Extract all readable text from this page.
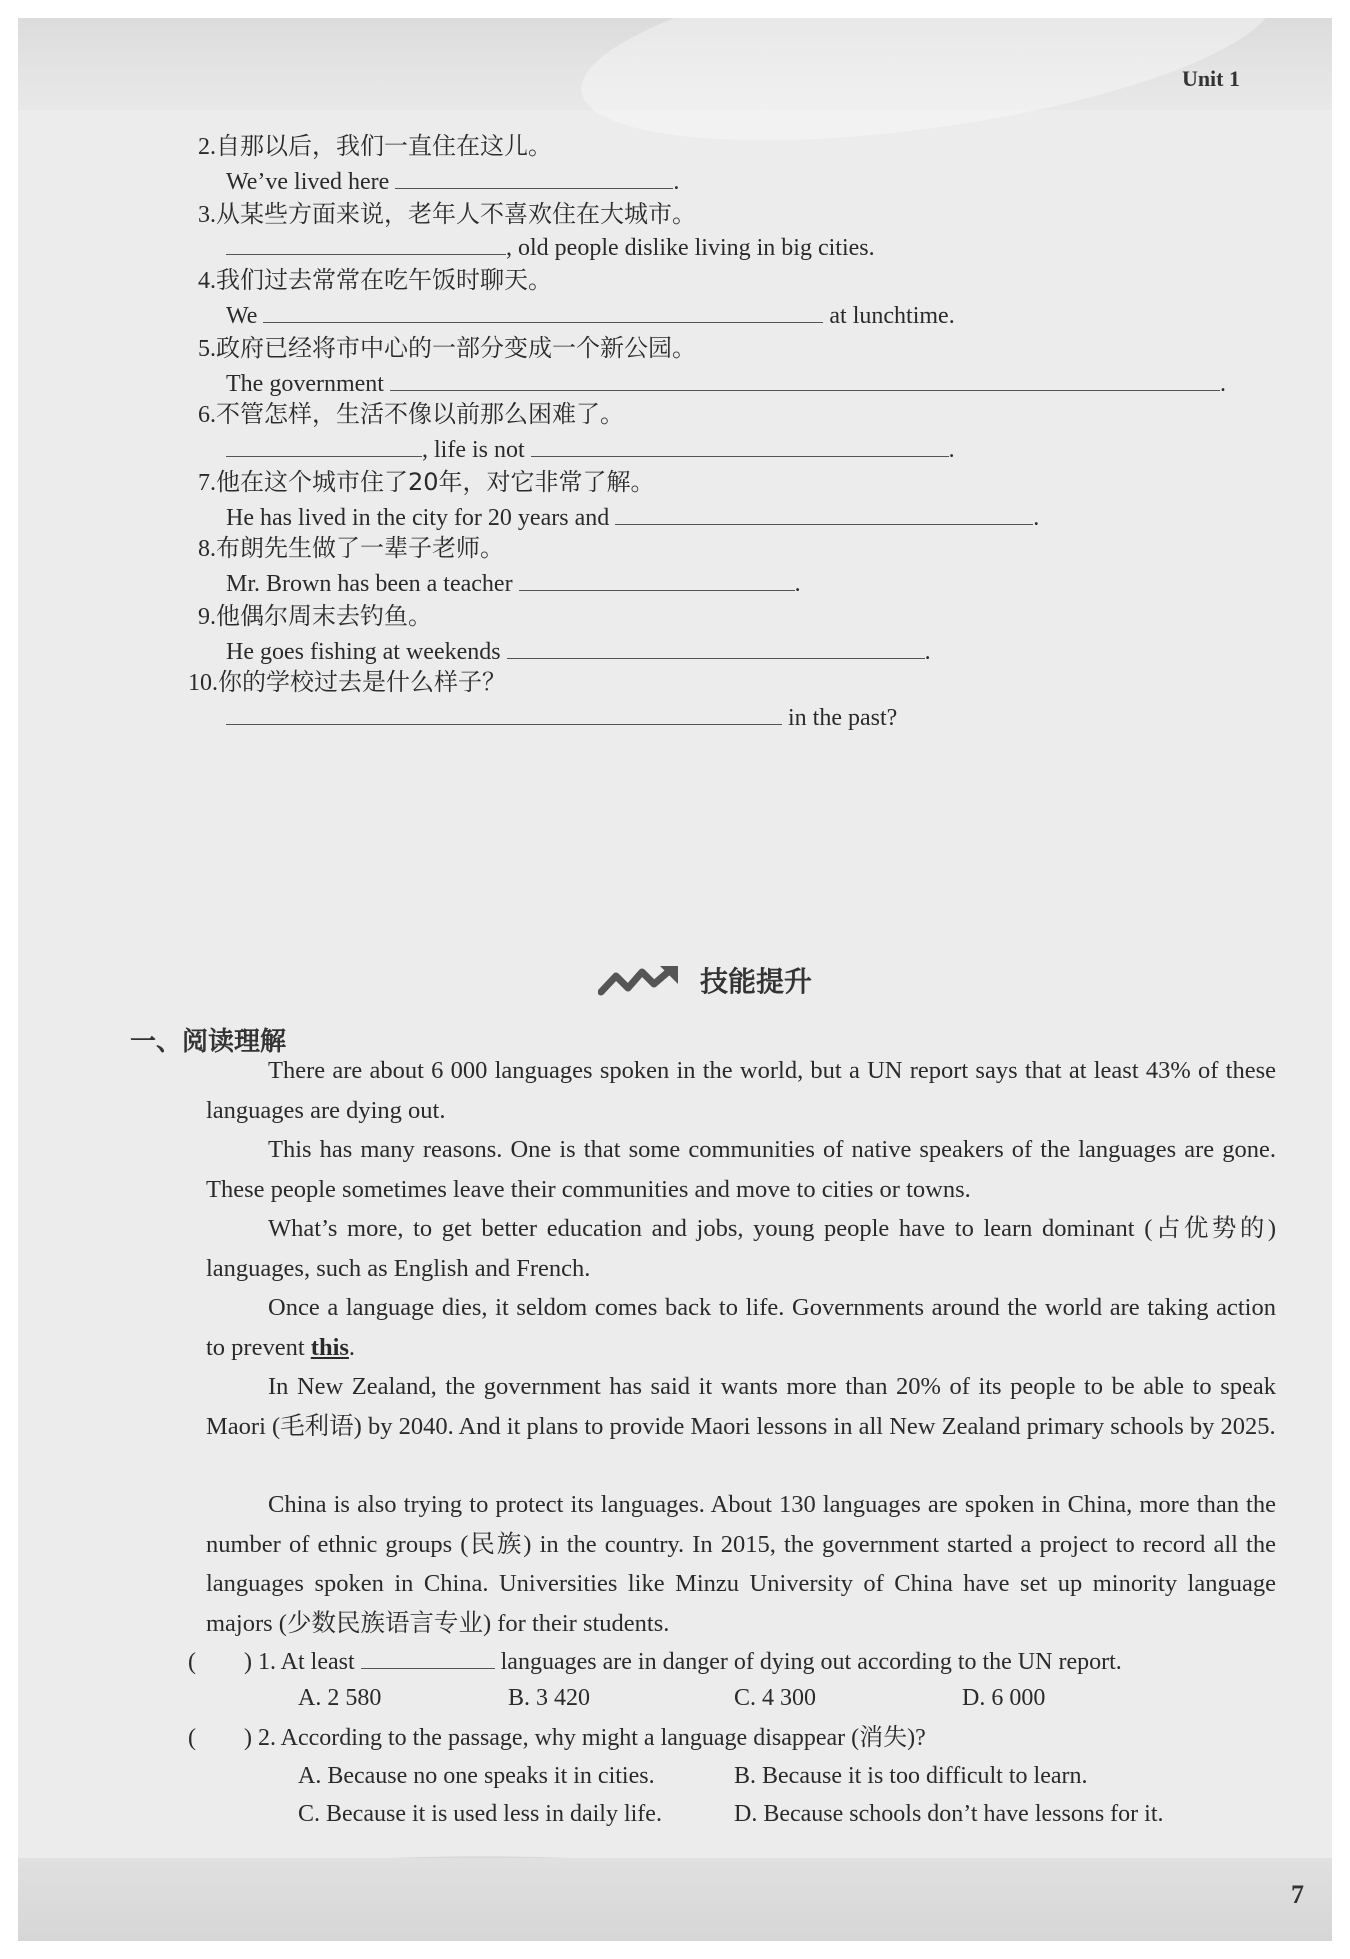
Unit 1
7
2.自那以后，我们一直住在这儿。
We’ve lived here	.
3.从某些方面来说，老年人不喜欢住在大城市。
, old people dislike living in big cities.
4.我们过去常常在吃午饭时聊天。
We	at lunchtime.
5.政府已经将市中心的一部分变成一个新公园。
The government	.
6.不管怎样，生活不像以前那么困难了。
, life is not	.
7.他在这个城市住了20年，对它非常了解。
He has lived in the city for 20 years and	.
8.布朗先生做了一辈子老师。
Mr. Brown has been a teacher	.
9.他偶尔周末去钓鱼。
He goes fishing at weekends	.
10.你的学校过去是什么样子？
in the past?
技能提升
一、阅读理解
There are about 6 000 languages spoken in the world, but a UN report says that at least 43% of these languages are dying out.
This has many reasons. One is that some communities of native speakers of the languages are gone. These people sometimes leave their communities and move to cities or towns.
What’s more, to get better education and jobs, young people have to learn dominant (占优势的) languages, such as English and French.
Once a language dies, it seldom comes back to life. Governments around the world are taking action to prevent this.
In New Zealand, the government has said it wants more than 20% of its people to be able to speak Maori (毛利语) by 2040. And it plans to provide Maori lessons in all New Zealand primary schools by 2025.
China is also trying to protect its languages. About 130 languages are spoken in China, more than the number of ethnic groups (民族) in the country. In 2015, the government started a project to record all the languages spoken in China. Universities like Minzu University of China have set up minority language majors (少数民族语言专业) for their students.
(        ) 1. At least	languages are in danger of dying out according to the UN report.
A. 2 580	B. 3 420	C. 4 300	D. 6 000
(        ) 2. According to the passage, why might a language disappear (消失)?
A. Because no one speaks it in cities.	B. Because it is too difficult to learn.
C. Because it is used less in daily life.	D. Because schools don’t have lessons for it.
